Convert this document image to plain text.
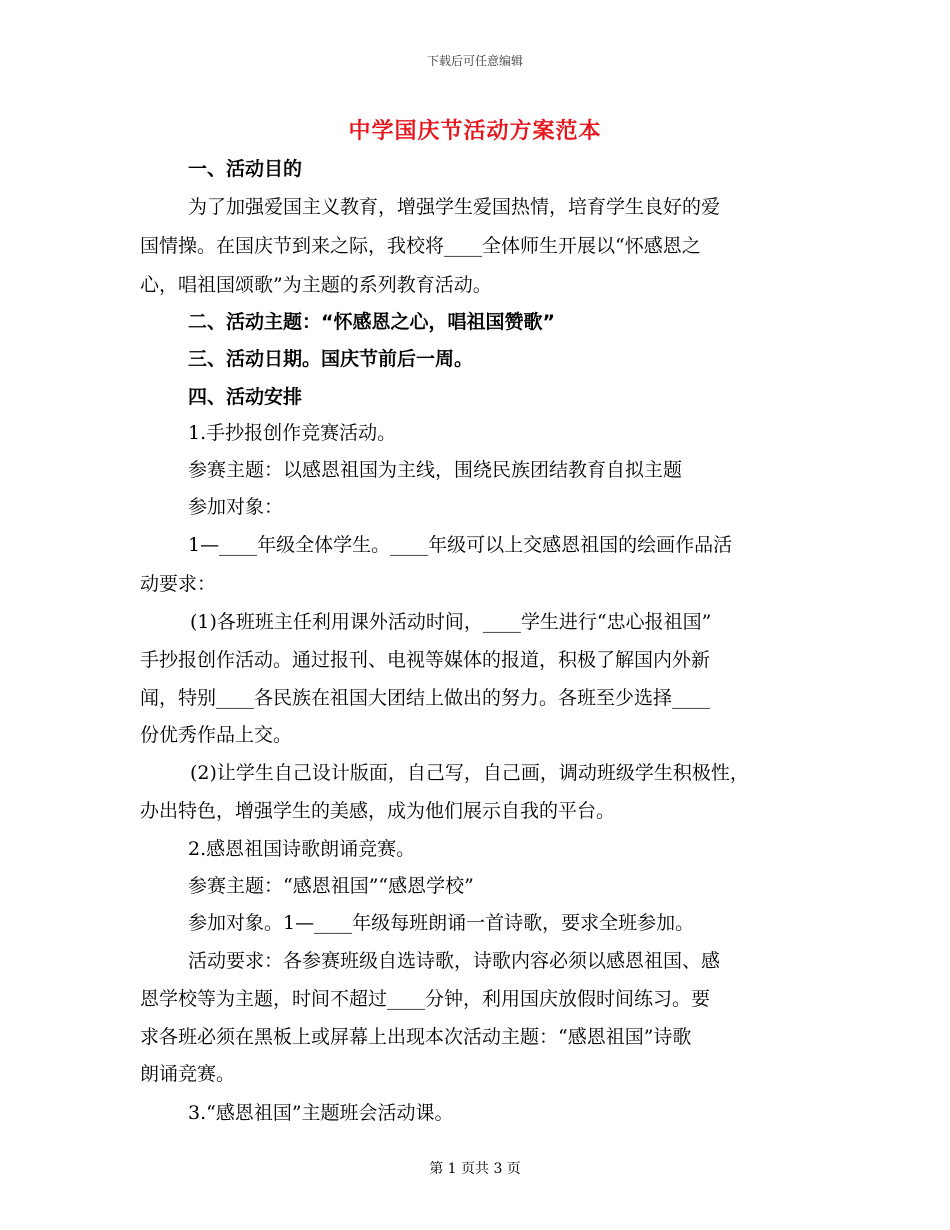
下载后可任意编辑
中学国庆节活动方案范本
一、活动目的
为了加强爱国主义教育，增强学生爱国热情，培育学生良好的爱
国情操。在国庆节到来之际，我校将____全体师生开展以“怀感恩之
心，唱祖国颂歌”为主题的系列教育活动。
二、活动主题：“怀感恩之心，唱祖国赞歌”
三、活动日期。国庆节前后一周。
四、活动安排
1.手抄报创作竞赛活动。
参赛主题：以感恩祖国为主线，围绕民族团结教育自拟主题
参加对象：
1—____年级全体学生。____年级可以上交感恩祖国的绘画作品活
动要求：
(1)各班班主任利用课外活动时间，____学生进行“忠心报祖国”
手抄报创作活动。通过报刊、电视等媒体的报道，积极了解国内外新
闻，特别____各民族在祖国大团结上做出的努力。各班至少选择____
份优秀作品上交。
(2)让学生自己设计版面，自己写，自己画，调动班级学生积极性，
办出特色，增强学生的美感，成为他们展示自我的平台。
2.感恩祖国诗歌朗诵竞赛。
参赛主题：“感恩祖国”“感恩学校”
参加对象。1—____年级每班朗诵一首诗歌，要求全班参加。
活动要求：各参赛班级自选诗歌，诗歌内容必须以感恩祖国、感
恩学校等为主题，时间不超过____分钟，利用国庆放假时间练习。要
求各班必须在黑板上或屏幕上出现本次活动主题：“感恩祖国”诗歌
朗诵竞赛。
3.“感恩祖国”主题班会活动课。
第 1 页共 3 页
